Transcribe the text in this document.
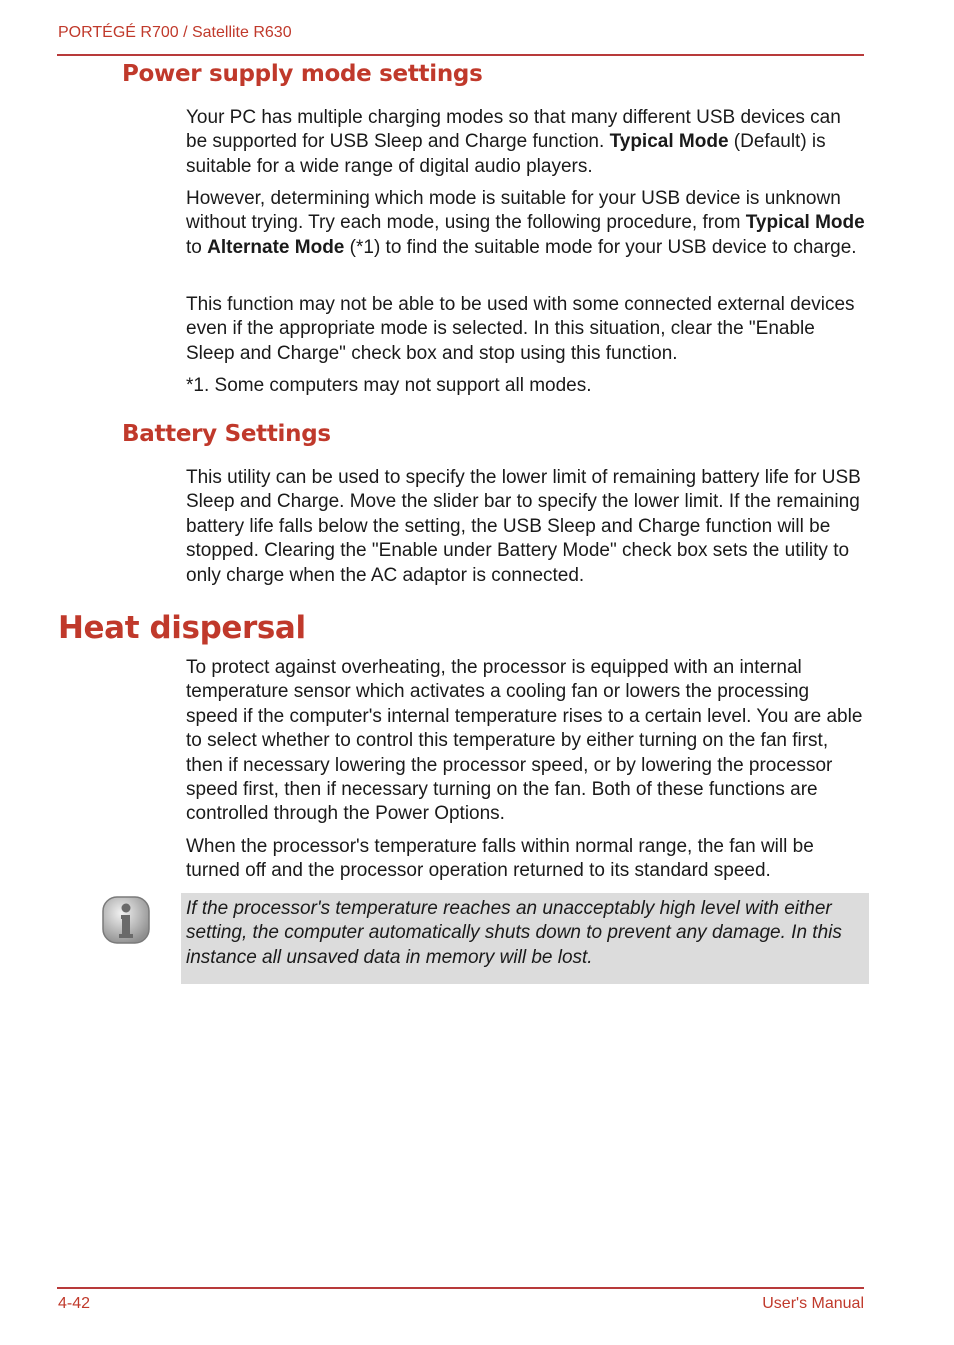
PORTÉGÉ R700 / Satellite R630
Power supply mode settings

Your PC has multiple charging modes so that many different USB devices can be supported for USB Sleep and Charge function. Typical Mode (Default) is suitable for a wide range of digital audio players.

However, determining which mode is suitable for your USB device is unknown without trying. Try each mode, using the following procedure, from Typical Mode to Alternate Mode (*1) to find the suitable mode for your USB device to charge.

This function may not be able to be used with some connected external devices even if the appropriate mode is selected. In this situation, clear the "Enable Sleep and Charge" check box and stop using this function.

*1. Some computers may not support all modes.

Battery Settings

This utility can be used to specify the lower limit of remaining battery life for USB Sleep and Charge. Move the slider bar to specify the lower limit. If the remaining battery life falls below the setting, the USB Sleep and Charge function will be stopped. Clearing the "Enable under Battery Mode" check box sets the utility to only charge when the AC adaptor is connected.

Heat dispersal

To protect against overheating, the processor is equipped with an internal temperature sensor which activates a cooling fan or lowers the processing speed if the computer's internal temperature rises to a certain level. You are able to select whether to control this temperature by either turning on the fan first, then if necessary lowering the processor speed, or by lowering the processor speed first, then if necessary turning on the fan. Both of these functions are controlled through the Power Options.

When the processor's temperature falls within normal range, the fan will be turned off and the processor operation returned to its standard speed.

If the processor's temperature reaches an unacceptably high level with either setting, the computer automatically shuts down to prevent any damage. In this instance all unsaved data in memory will be lost.

4-42	User's Manual
